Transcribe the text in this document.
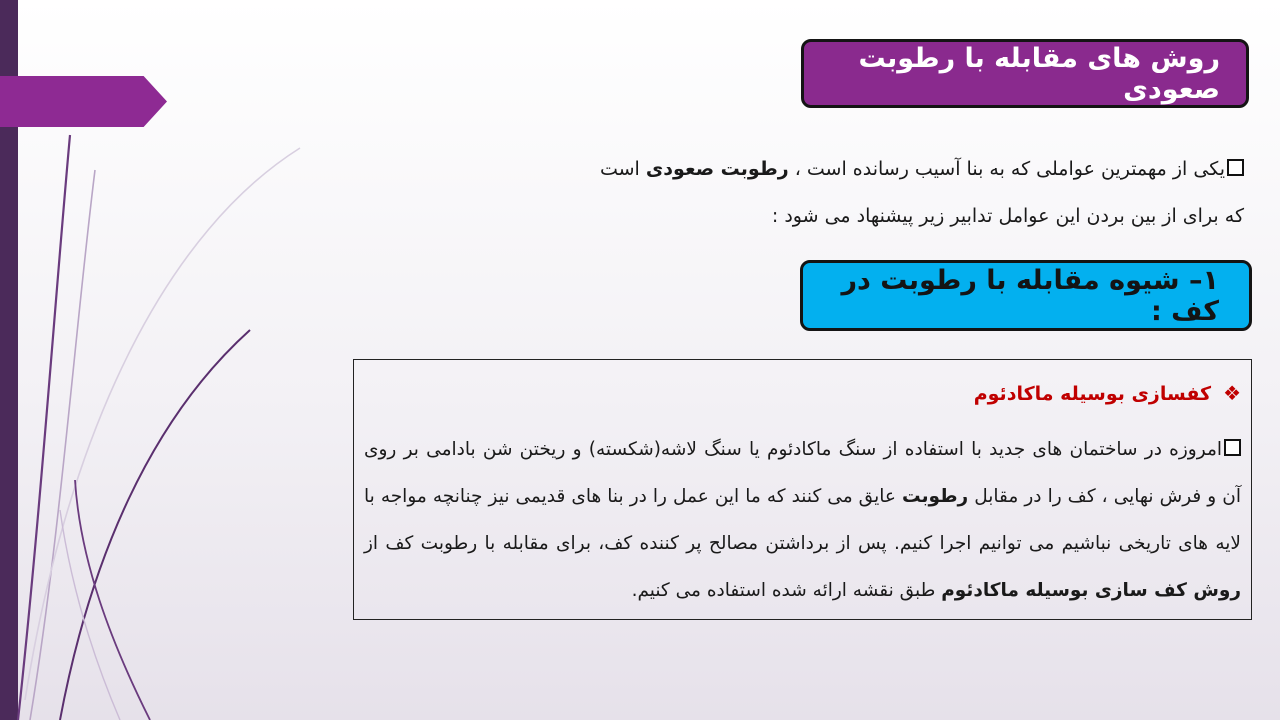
روش های مقابله با رطوبت صعودی

یکی از مهمترین عواملی که به بنا آسیب رسانده است ، رطوبت صعودی است

که برای از بین بردن این عوامل تدابیر زیر پیشنهاد می شود :

۱– شیوه مقابله با رطوبت در کف :
❖کفسازی بوسیله ماکادئوم

امروزه در ساختمان های جدید با استفاده از سنگ ماکادئوم یا سنگ لاشه(شکسته) و ریختن شن بادامی بر روی آن و فرش نهایی ، کف را در مقابل رطوبت عایق می کنند که ما این عمل را در بنا های قدیمی نیز چنانچه مواجه با لایه های تاریخی نباشیم می توانیم اجرا کنیم. پس از برداشتن مصالح پر کننده کف، برای مقابله با رطوبت کف از روش کف سازی بوسیله ماکادئوم طبق نقشه ارائه شده استفاده می کنیم.
